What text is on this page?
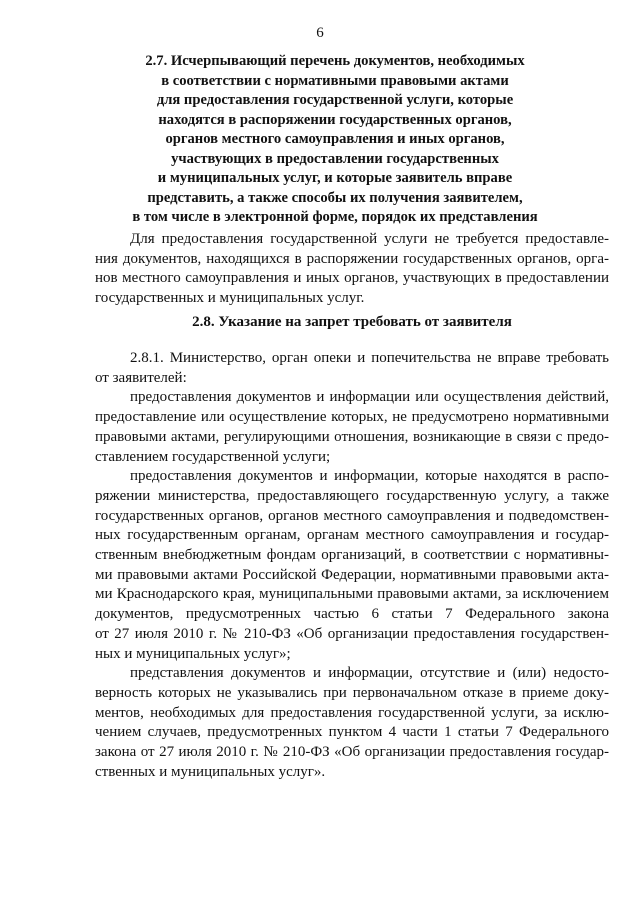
6
2.7. Исчерпывающий перечень документов, необходимых
в соответствии с нормативными правовыми актами
для предоставления государственной услуги, которые
находятся в распоряжении государственных органов,
органов местного самоуправления и иных органов,
участвующих в предоставлении государственных
и муниципальных услуг, и которые заявитель вправе
представить, а также способы их получения заявителем,
в том числе в электронной форме, порядок их представления
Для предоставления государственной услуги не требуется предоставле-
ния документов, находящихся в распоряжении государственных органов, орга-
нов местного самоуправления и иных органов, участвующих в предоставлении
государственных и муниципальных услуг.
2.8. Указание на запрет требовать от заявителя
2.8.1. Министерство, орган опеки и попечительства не вправе требовать
от заявителей:
предоставления документов и информации или осуществления действий,
предоставление или осуществление которых, не предусмотрено нормативными
правовыми актами, регулирующими отношения, возникающие в связи с предо-
ставлением государственной услуги;
предоставления документов и информации, которые находятся в распо-
ряжении министерства, предоставляющего государственную услугу, а также
государственных органов, органов местного самоуправления и подведомствен-
ных государственным органам, органам местного самоуправления и государ-
ственным внебюджетным фондам организаций, в соответствии с нормативны-
ми правовыми актами Российской Федерации, нормативными правовыми акта-
ми Краснодарского края, муниципальными правовыми актами, за исключением
документов, предусмотренных частью 6 статьи 7 Федерального закона
от 27 июля 2010 г. № 210-ФЗ «Об организации предоставления государствен-
ных и муниципальных услуг»;
представления документов и информации, отсутствие и (или) недосто-
верность которых не указывались при первоначальном отказе в приеме доку-
ментов, необходимых для предоставления государственной услуги, за исклю-
чением случаев, предусмотренных пунктом 4 части 1 статьи 7 Федерального
закона от 27 июля 2010 г. № 210-ФЗ «Об организации предоставления госудаp-
ственных и муниципальных услуг».
